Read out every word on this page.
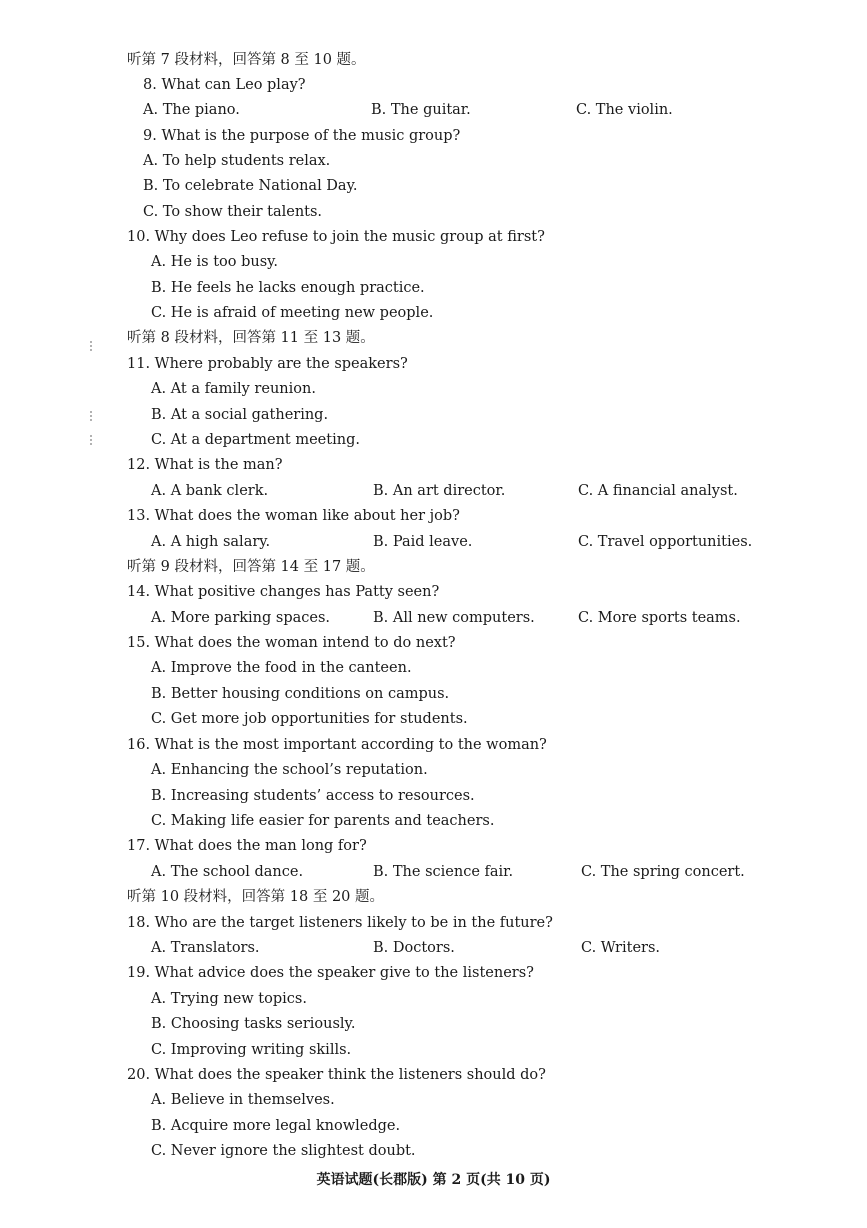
听第 7 段材料，回答第 8 至 10 题。
8. What can Leo play?
A. The piano.	B. The guitar.	C. The violin.
9. What is the purpose of the music group?
A. To help students relax.
B. To celebrate National Day.
C. To show their talents.
10. Why does Leo refuse to join the music group at first?
A. He is too busy.
B. He feels he lacks enough practice.
C. He is afraid of meeting new people.
听第 8 段材料，回答第 11 至 13 题。
11. Where probably are the speakers?
A. At a family reunion.
B. At a social gathering.
C. At a department meeting.
12. What is the man?
A. A bank clerk.	B. An art director.	C. A financial analyst.
13. What does the woman like about her job?
A. A high salary.	B. Paid leave.	C. Travel opportunities.
听第 9 段材料，回答第 14 至 17 题。
14. What positive changes has Patty seen?
A. More parking spaces.	B. All new computers.	C. More sports teams.
15. What does the woman intend to do next?
A. Improve the food in the canteen.
B. Better housing conditions on campus.
C. Get more job opportunities for students.
16. What is the most important according to the woman?
A. Enhancing the school’s reputation.
B. Increasing students’ access to resources.
C. Making life easier for parents and teachers.
17. What does the man long for?
A. The school dance.	B. The science fair.	C. The spring concert.
听第 10 段材料，回答第 18 至 20 题。
18. Who are the target listeners likely to be in the future?
A. Translators.	B. Doctors.	C. Writers.
19. What advice does the speaker give to the listeners?
A. Trying new topics.
B. Choosing tasks seriously.
C. Improving writing skills.
20. What does the speaker think the listeners should do?
A. Believe in themselves.
B. Acquire more legal knowledge.
C. Never ignore the slightest doubt.
英语试题(长郡版) 第 2 页(共 10 页)
